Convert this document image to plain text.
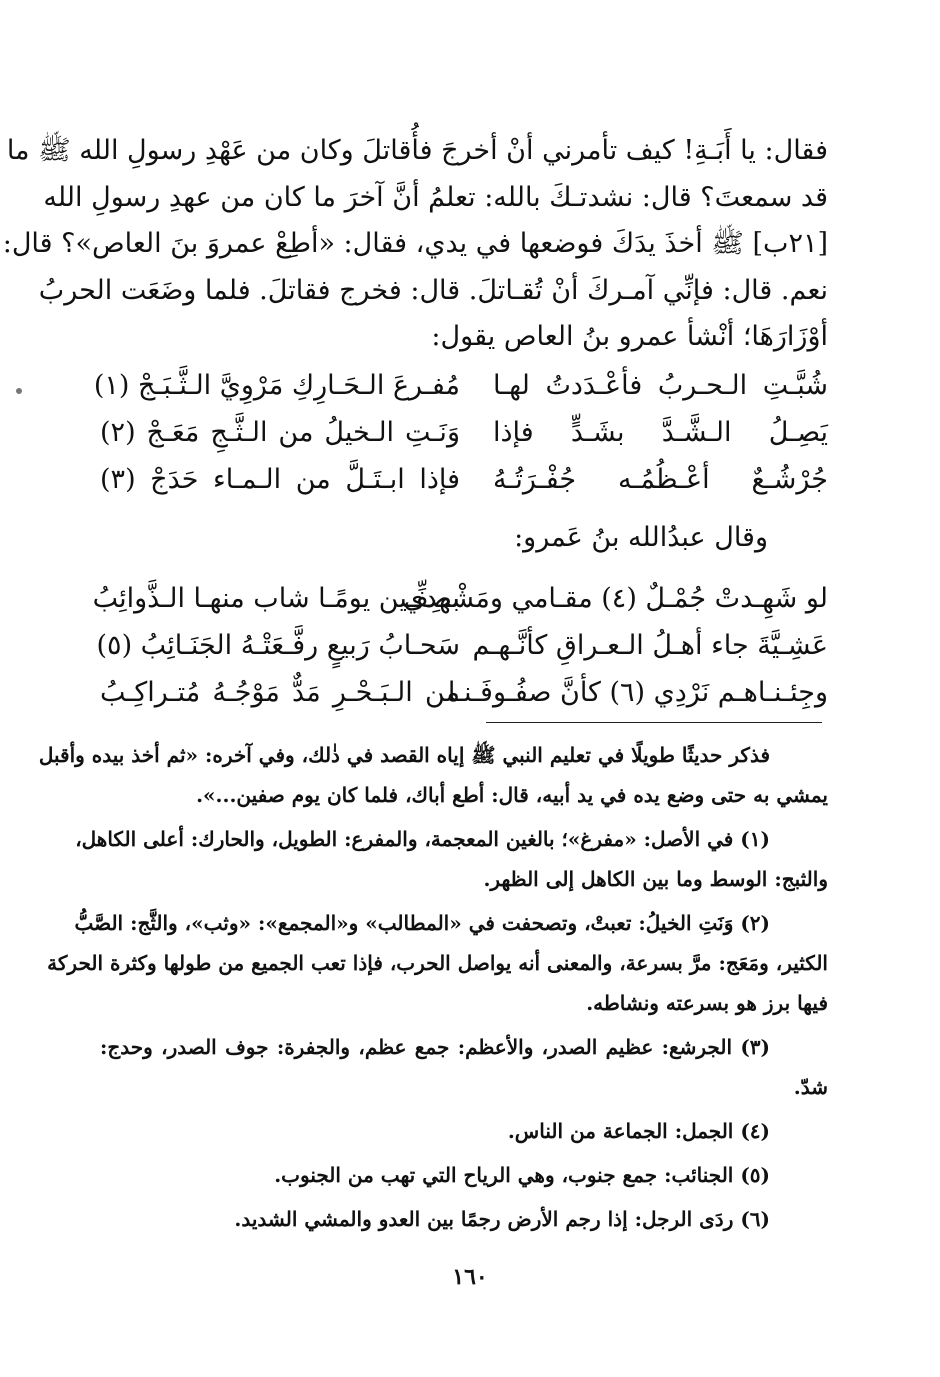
فقال: يا أَبَـةِ! كيف تأمرني أنْ أخرجَ فأُقاتلَ وكان من عَهْدِ رسولِ الله ﷺ ما
قد سمعتَ؟ قال: نشدتـكَ بالله: تعلمُ أنَّ آخرَ ما كان من عهدِ رسولِ الله
[٢١ب] ﷺ أخذَ يدَكَ فوضعها في يدي، فقال: «أطِعْ عمروَ بنَ العاص»؟ قال:
نعم. قال: فإنِّي آمـركَ أنْ تُقـاتلَ. قال: فخرج فقاتلَ. فلما وضَعَت الحربُ
أوْزَارَهَا؛ أنْشأ عمرو بنُ العاص يقول:
شُبَّـتِ الـحـربُ فأعْـدَدتُ لهـا
مُفـرعَ الـحَـارِكِ مَرْوِيَّ الـثَّـبَـجْ (١)
يَصِـلُ الـشَّـدَّ بشَـدٍّ فإذا
وَنَـتِ الـخيلُ من الـثَّـجِ مَعَـجْ (٢)
جُرْشُـعٌ أعْـظُمُـه جُفْـرَتُـهُ
فإذا ابـتَـلَّ من الـمـاء حَدَجْ (٣)
وقال عبدُالله بنُ عَمرو:
لو شَهِـدتْ جُمْـلٌ (٤) مقـامي ومَشْهدي
بصِفِّـين يومًـا شاب منهـا الـذَّوائِبُ
عَشِـيَّةَ جاء أهـلُ الـعـراقِ كأنَّـهـم
سَحـابُ رَبيعٍ رفَّـعَتْـهُ الجَنَـائِبُ (٥)
وجِئـنـاهـم نَرْدِي (٦) كأنَّ صفُـوفَـنـا
من الـبَـحْـرِ مَدٌّ مَوْجُـهُ مُتـراكِـبُ
فذكر حديثًا طويلًا في تعليم النبي ﷺ إياه القصد في ذٰلك، وفي آخره: «ثم أخذ بيده وأقبل
يمشي به حتى وضع يده في يد أبيه، قال: أطع أباك، فلما كان يوم صفين...».
(١) في الأصل: «مفرغ»؛ بالغين المعجمة، والمفرع: الطويل، والحارك: أعلى الكاهل،
والثبج: الوسط وما بين الكاهل إلى الظهر.
(٢) وَنَتِ الخيلُ: تعبتْ، وتصحفت في «المطالب» و«المجمع»: «وثب»، والثَّج: الصَّبُّ
الكثير، ومَعَج: مرَّ بسرعة، والمعنى أنه يواصل الحرب، فإذا تعب الجميع من طولها وكثرة الحركة
فيها برز هو بسرعته ونشاطه.
(٣) الجرشع: عظيم الصدر، والأعظم: جمع عظم، والجفرة: جوف الصدر، وحدج:
شدّ.
(٤) الجمل: الجماعة من الناس.
(٥) الجنائب: جمع جنوب، وهي الرياح التي تهب من الجنوب.
(٦) ردَى الرجل: إذا رجم الأرض رجمًا بين العدو والمشي الشديد.
١٦٠
